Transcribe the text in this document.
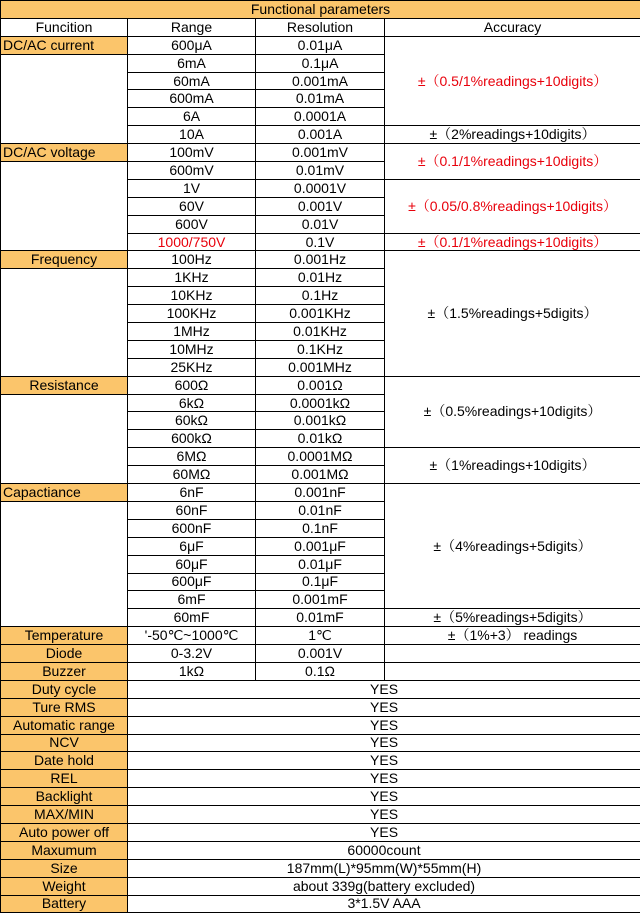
Functional parameters			
Funcition	Range	Resolution	Accuracy
DC/AC current	600μA	0.01μA	±（0.5/1%readings+10digits）
	6mA	0.1μA	
	60mA	0.001mA	
	600mA	0.01mA	
	6A	0.0001A	
	10A	0.001A	±（2%readings+10digits）
DC/AC voltage	100mV	0.001mV	±（0.1/1%readings+10digits）
	600mV	0.01mV	
	1V	0.0001V	±（0.05/0.8%readings+10digits）
	60V	0.001V	
	600V	0.01V	
	1000/750V	0.1V	±（0.1/1%readings+10digits）
Frequency	100Hz	0.001Hz	±（1.5%readings+5digits）
	1KHz	0.01Hz	
	10KHz	0.1Hz	
	100KHz	0.001KHz	
	1MHz	0.01KHz	
	10MHz	0.1KHz	
	25KHz	0.001MHz	
Resistance	600Ω	0.001Ω	±（0.5%readings+10digits）
	6kΩ	0.0001kΩ	
	60kΩ	0.001kΩ	
	600kΩ	0.01kΩ	
	6MΩ	0.0001MΩ	±（1%readings+10digits）
	60MΩ	0.001MΩ	
Capactiance	6nF	0.001nF	±（4%readings+5digits）
	60nF	0.01nF	
	600nF	0.1nF	
	6μF	0.001μF	
	60μF	0.01μF	
	600μF	0.1μF	
	6mF	0.001mF	
	60mF	0.01mF	±（5%readings+5digits）
Temperature	'-50℃~1000℃	1℃	±（1%+3） readings
Diode	0-3.2V	0.001V	
Buzzer	1kΩ	0.1Ω	
Duty cycle	YES		
Ture RMS	YES		
Automatic range	YES		
NCV	YES		
Date hold	YES		
REL	YES		
Backlight	YES		
MAX/MIN	YES		
Auto power off	YES		
Maxumum	60000count		
Size	187mm(L)*95mm(W)*55mm(H)		
Weight	about 339g(battery excluded)		
Battery	3*1.5V AAA		
